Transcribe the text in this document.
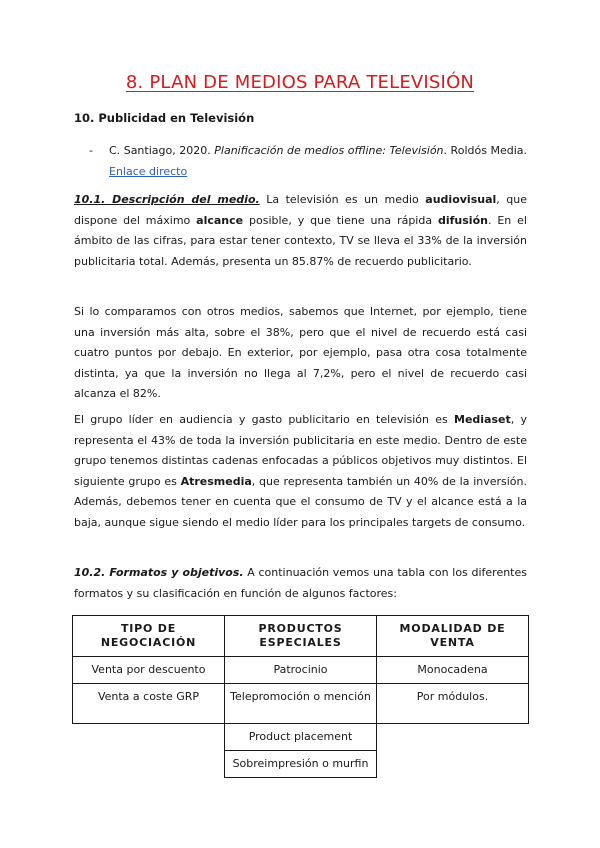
8. PLAN DE MEDIOS PARA TELEVISIÓN

10. Publicidad en Televisión

- C. Santiago, 2020. Planificación de medios offline: Televisión. Roldós Media. Enlace directo

10.1. Descripción del medio. La televisión es un medio audiovisual, que dispone del máximo alcance posible, y que tiene una rápida difusión. En el ámbito de las cifras, para estar tener contexto, TV se lleva el 33% de la inversión publicitaria total. Además, presenta un 85.87% de recuerdo publicitario.

Si lo comparamos con otros medios, sabemos que Internet, por ejemplo, tiene una inversión más alta, sobre el 38%, pero que el nivel de recuerdo está casi cuatro puntos por debajo. En exterior, por ejemplo, pasa otra cosa totalmente distinta, ya que la inversión no llega al 7,2%, pero el nivel de recuerdo casi alcanza el 82%.

El grupo líder en audiencia y gasto publicitario en televisión es Mediaset, y representa el 43% de toda la inversión publicitaria en este medio. Dentro de este grupo tenemos distintas cadenas enfocadas a públicos objetivos muy distintos. El siguiente grupo es Atresmedia, que representa también un 40% de la inversión. Además, debemos tener en cuenta que el consumo de TV y el alcance está a la baja, aunque sigue siendo el medio líder para los principales targets de consumo.

10.2. Formatos y objetivos. A continuación vemos una tabla con los diferentes formatos y su clasificación en función de algunos factores:

TIPO DE NEGOCIACIÓN	PRODUCTOS ESPECIALES	MODALIDAD DE VENTA
Venta por descuento	Patrocinio	Monocadena
Venta a coste GRP	Telepromoción o mención	Por módulos.
	Product placement	
	Sobreimpresión o murfin	
